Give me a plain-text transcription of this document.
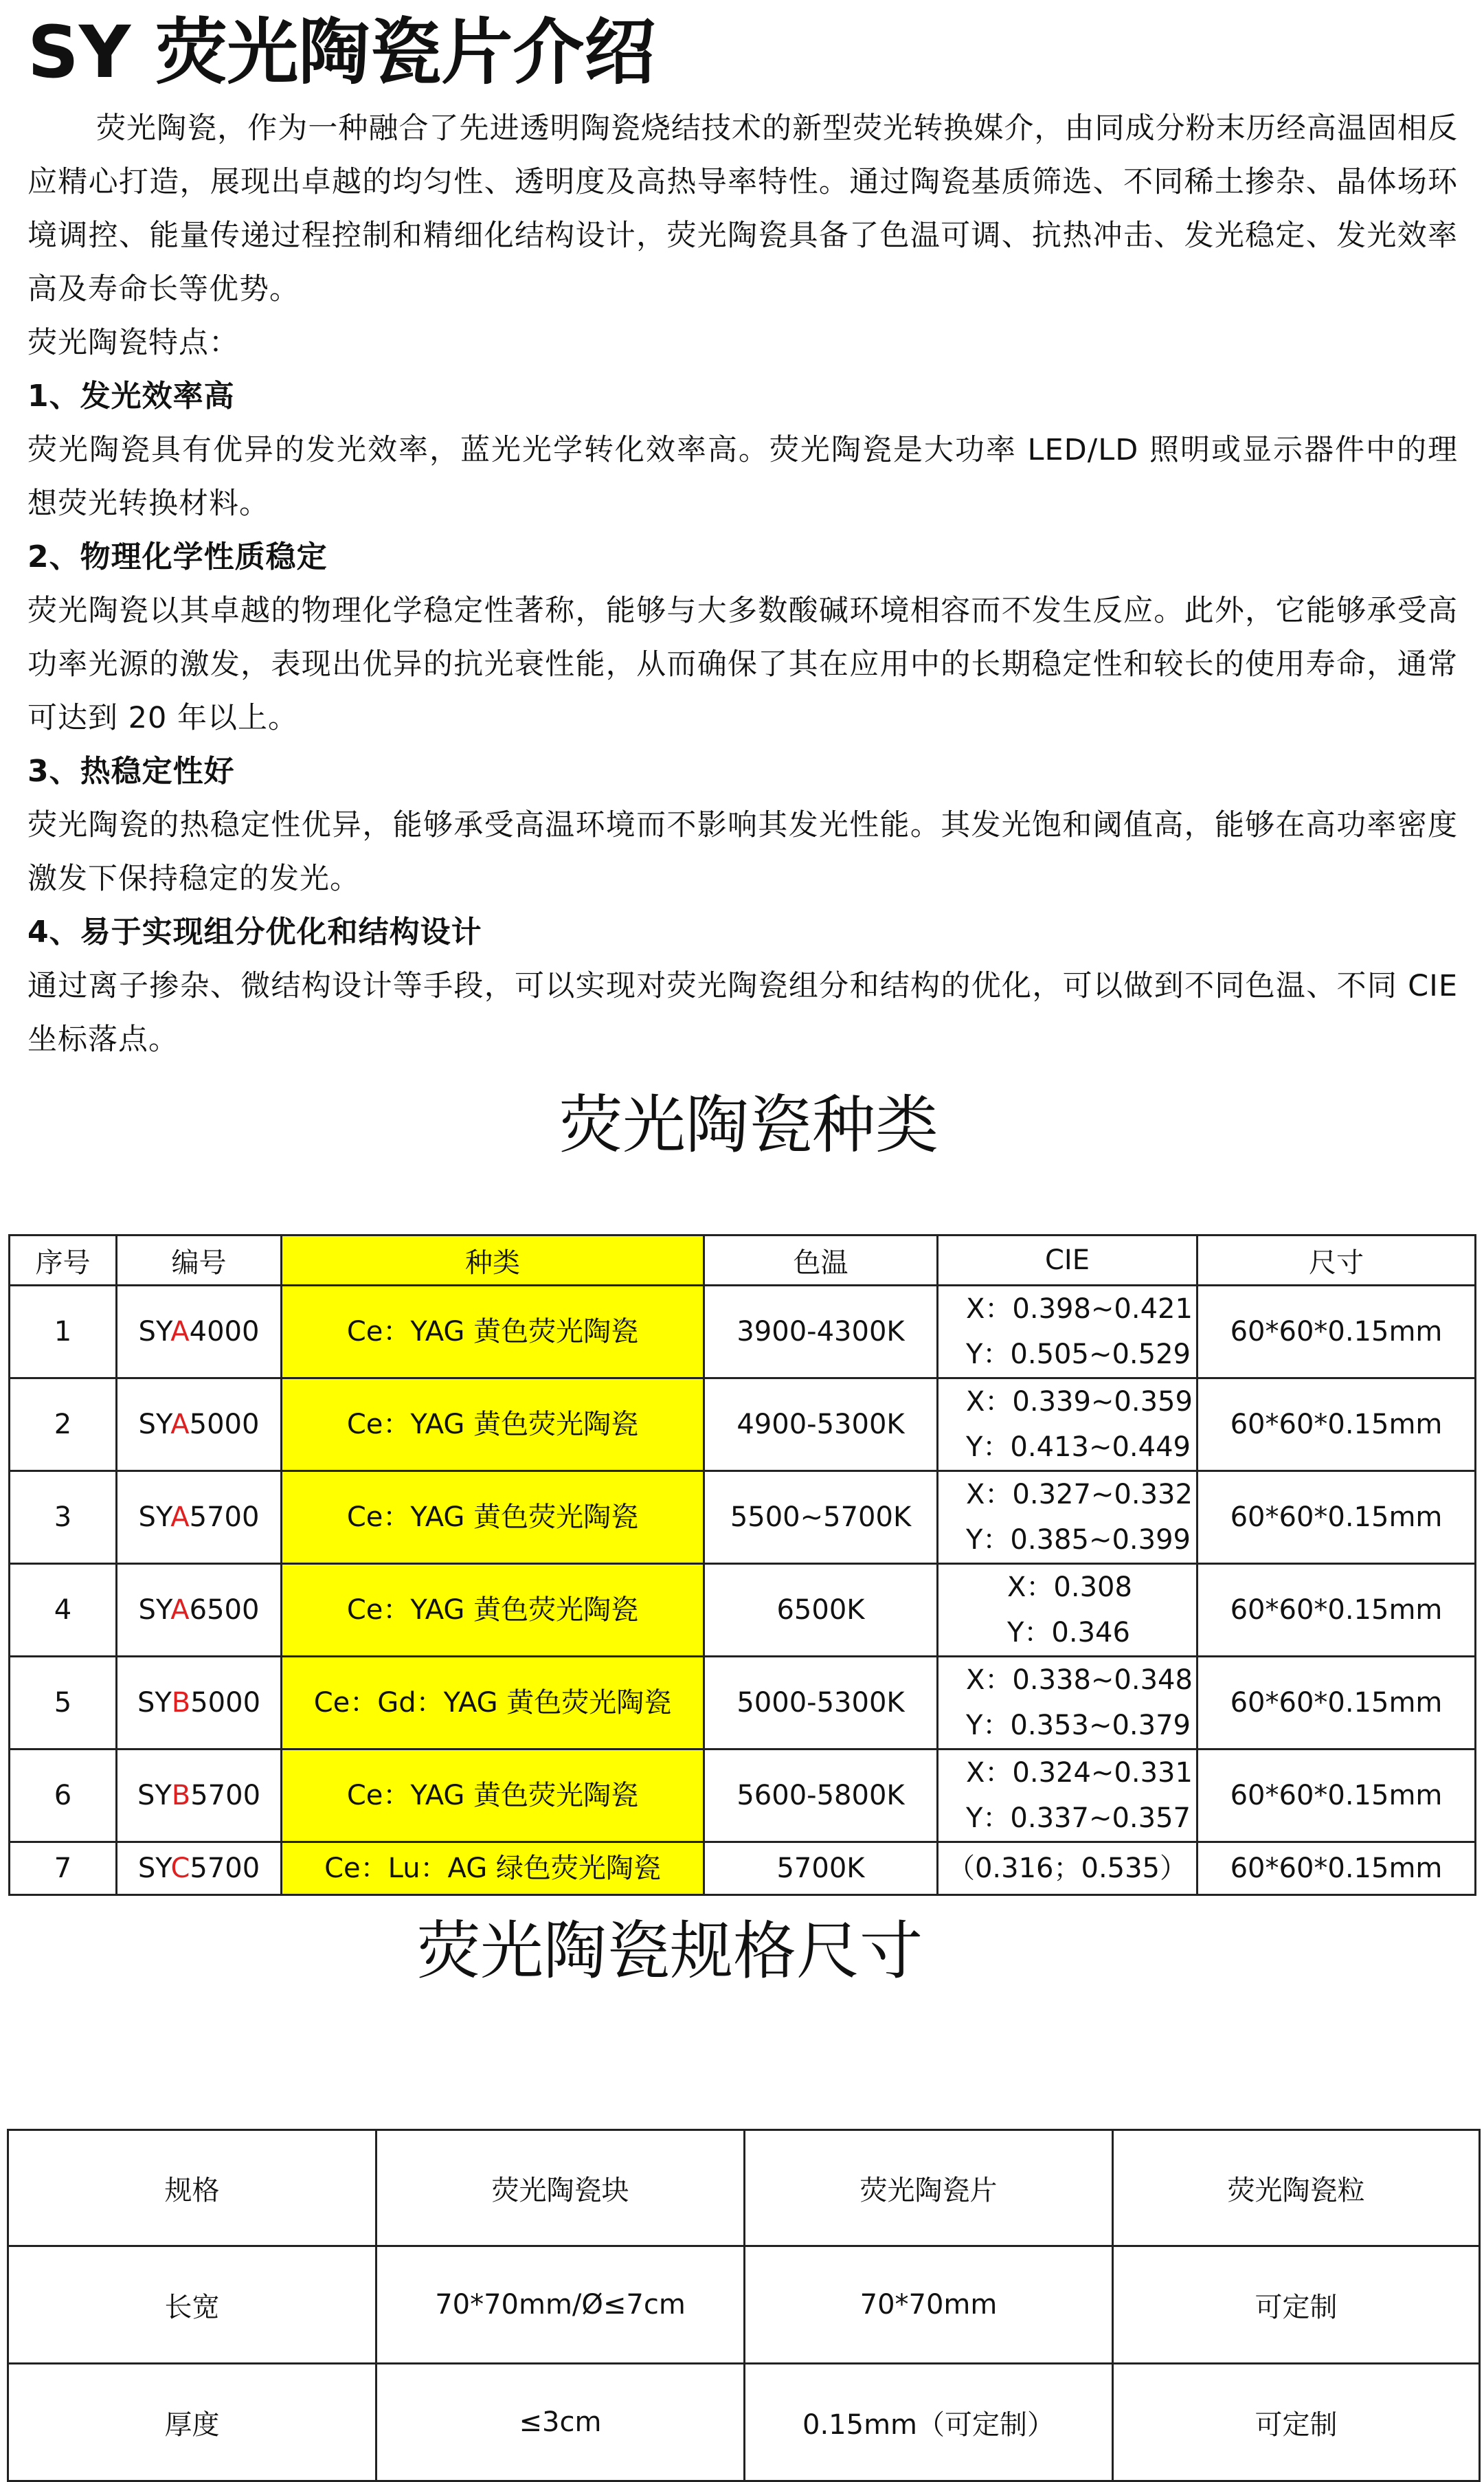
SY 荧光陶瓷片介绍

荧光陶瓷，作为一种融合了先进透明陶瓷烧结技术的新型荧光转换媒介，由同成分粉末历经高温固相反应精心打造，展现出卓越的均匀性、透明度及高热导率特性。通过陶瓷基质筛选、不同稀土掺杂、晶体场环境调控、能量传递过程控制和精细化结构设计，荧光陶瓷具备了色温可调、抗热冲击、发光稳定、发光效率高及寿命长等优势。

荧光陶瓷特点：

1、发光效率高

荧光陶瓷具有优异的发光效率，蓝光光学转化效率高。荧光陶瓷是大功率 LED/LD 照明或显示器件中的理想荧光转换材料。

2、物理化学性质稳定

荧光陶瓷以其卓越的物理化学稳定性著称，能够与大多数酸碱环境相容而不发生反应。此外，它能够承受高功率光源的激发，表现出优异的抗光衰性能，从而确保了其在应用中的长期稳定性和较长的使用寿命，通常可达到 20 年以上。

3、热稳定性好

荧光陶瓷的热稳定性优异，能够承受高温环境而不影响其发光性能。其发光饱和阈值高，能够在高功率密度激发下保持稳定的发光。

4、易于实现组分优化和结构设计

通过离子掺杂、微结构设计等手段，可以实现对荧光陶瓷组分和结构的优化，可以做到不同色温、不同 CIE 坐标落点。

荧光陶瓷种类
序号	编号	种类	色温	CIE	尺寸
1	SYA4000	Ce：YAG 黄色荧光陶瓷	3900-4300K	X：0.398~0.421
Y：0.505~0.529	60*60*0.15mm
2	SYA5000	Ce：YAG 黄色荧光陶瓷	4900-5300K	X：0.339~0.359
Y：0.413~0.449	60*60*0.15mm
3	SYA5700	Ce：YAG 黄色荧光陶瓷	5500~5700K	X：0.327~0.332
Y：0.385~0.399	60*60*0.15mm
4	SYA6500	Ce：YAG 黄色荧光陶瓷	6500K	X：0.308
Y：0.346	60*60*0.15mm
5	SYB5000	Ce：Gd：YAG 黄色荧光陶瓷	5000-5300K	X：0.338~0.348
Y：0.353~0.379	60*60*0.15mm
6	SYB5700	Ce：YAG 黄色荧光陶瓷	5600-5800K	X：0.324~0.331
Y：0.337~0.357	60*60*0.15mm
7	SYC5700	Ce：Lu：AG 绿色荧光陶瓷	5700K	（0.316；0.535）	60*60*0.15mm
荧光陶瓷规格尺寸
规格	荧光陶瓷块	荧光陶瓷片	荧光陶瓷粒
长宽	70*70mm/Ø≤7cm	70*70mm	可定制
厚度	≤3cm	0.15mm（可定制）	可定制
